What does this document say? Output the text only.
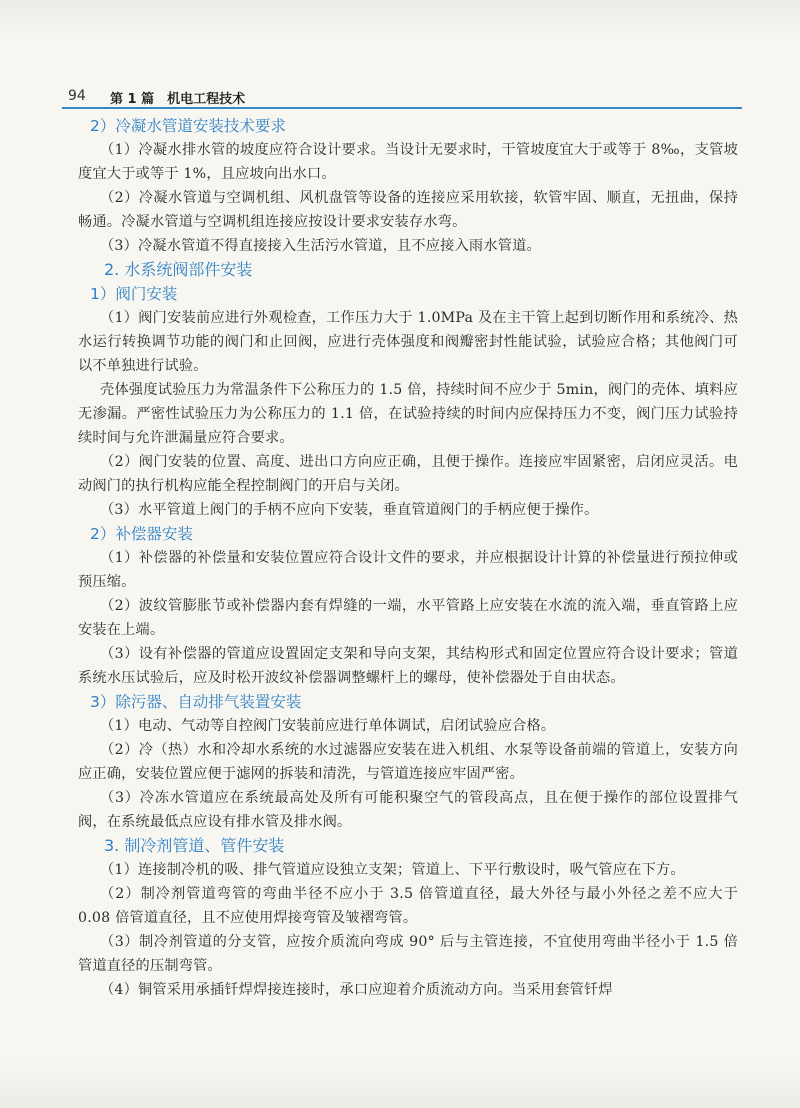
94 第 1 篇　机电工程技术
2）冷凝水管道安装技术要求
（1）冷凝水排水管的坡度应符合设计要求。当设计无要求时，干管坡度宜大于或等于 8‰，支管坡度宜大于或等于 1%，且应坡向出水口。
（2）冷凝水管道与空调机组、风机盘管等设备的连接应采用软接，软管牢固、顺直，无扭曲，保持畅通。冷凝水管道与空调机组连接应按设计要求安装存水弯。
（3）冷凝水管道不得直接接入生活污水管道，且不应接入雨水管道。
2. 水系统阀部件安装
1）阀门安装
（1）阀门安装前应进行外观检查，工作压力大于 1.0MPa 及在主干管上起到切断作用和系统冷、热水运行转换调节功能的阀门和止回阀，应进行壳体强度和阀瓣密封性能试验，试验应合格；其他阀门可以不单独进行试验。
壳体强度试验压力为常温条件下公称压力的 1.5 倍，持续时间不应少于 5min，阀门的壳体、填料应无渗漏。严密性试验压力为公称压力的 1.1 倍，在试验持续的时间内应保持压力不变，阀门压力试验持续时间与允许泄漏量应符合要求。
（2）阀门安装的位置、高度、进出口方向应正确，且便于操作。连接应牢固紧密，启闭应灵活。电动阀门的执行机构应能全程控制阀门的开启与关闭。
（3）水平管道上阀门的手柄不应向下安装，垂直管道阀门的手柄应便于操作。
2）补偿器安装
（1）补偿器的补偿量和安装位置应符合设计文件的要求，并应根据设计计算的补偿量进行预拉伸或预压缩。
（2）波纹管膨胀节或补偿器内套有焊缝的一端，水平管路上应安装在水流的流入端，垂直管路上应安装在上端。
（3）设有补偿器的管道应设置固定支架和导向支架，其结构形式和固定位置应符合设计要求；管道系统水压试验后，应及时松开波纹补偿器调整螺杆上的螺母，使补偿器处于自由状态。
3）除污器、自动排气装置安装
（1）电动、气动等自控阀门安装前应进行单体调试，启闭试验应合格。
（2）冷（热）水和冷却水系统的水过滤器应安装在进入机组、水泵等设备前端的管道上，安装方向应正确，安装位置应便于滤网的拆装和清洗，与管道连接应牢固严密。
（3）冷冻水管道应在系统最高处及所有可能积聚空气的管段高点，且在便于操作的部位设置排气阀，在系统最低点应设有排水管及排水阀。
3. 制冷剂管道、管件安装
（1）连接制冷机的吸、排气管道应设独立支架；管道上、下平行敷设时，吸气管应在下方。
（2）制冷剂管道弯管的弯曲半径不应小于 3.5 倍管道直径，最大外径与最小外径之差不应大于 0.08 倍管道直径，且不应使用焊接弯管及皱褶弯管。
（3）制冷剂管道的分支管，应按介质流向弯成 90° 后与主管连接，不宜使用弯曲半径小于 1.5 倍管道直径的压制弯管。
（4）铜管采用承插钎焊焊接连接时，承口应迎着介质流动方向。当采用套管钎焊
